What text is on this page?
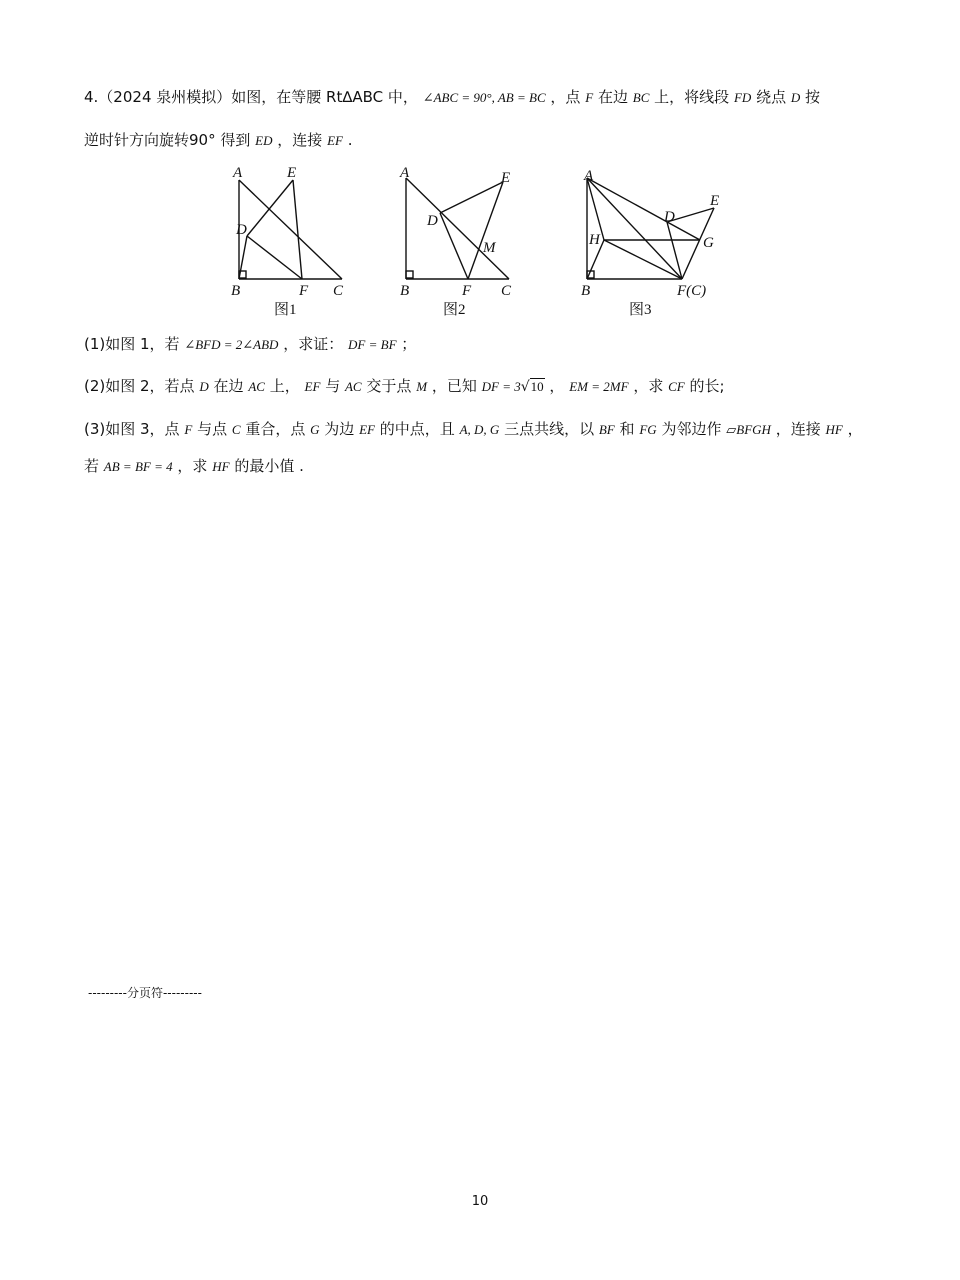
4.（2024 泉州模拟）如图，在等腰 Rt∆ABC 中， ∠ABC = 90°, AB = BC ，点 F 在边 BC 上，将线段 FD 绕点 D 按
逆时针方向旋转90° 得到 ED ，连接 EF .
A	E
D
B	F C
图1
A	E
D
M
B	F C
图2
A
D
E
H	G
B	F(C)
图3
(1)如图 1，若 ∠BFD = 2∠ABD ，求证： DF = BF ；
(2)如图 2，若点 D 在边 AC 上， EF 与 AC 交于点 M ，已知 DF = 3√10 ， EM = 2MF ，求 CF 的长;
(3)如图 3，点 F 与点 C 重合，点 G 为边 EF 的中点，且 A, D, G 三点共线，以 BF 和 FG 为邻边作 ▱BFGH ，连接 HF ，
若 AB = BF = 4 ，求 HF 的最小值 .
---------分页符---------
10
